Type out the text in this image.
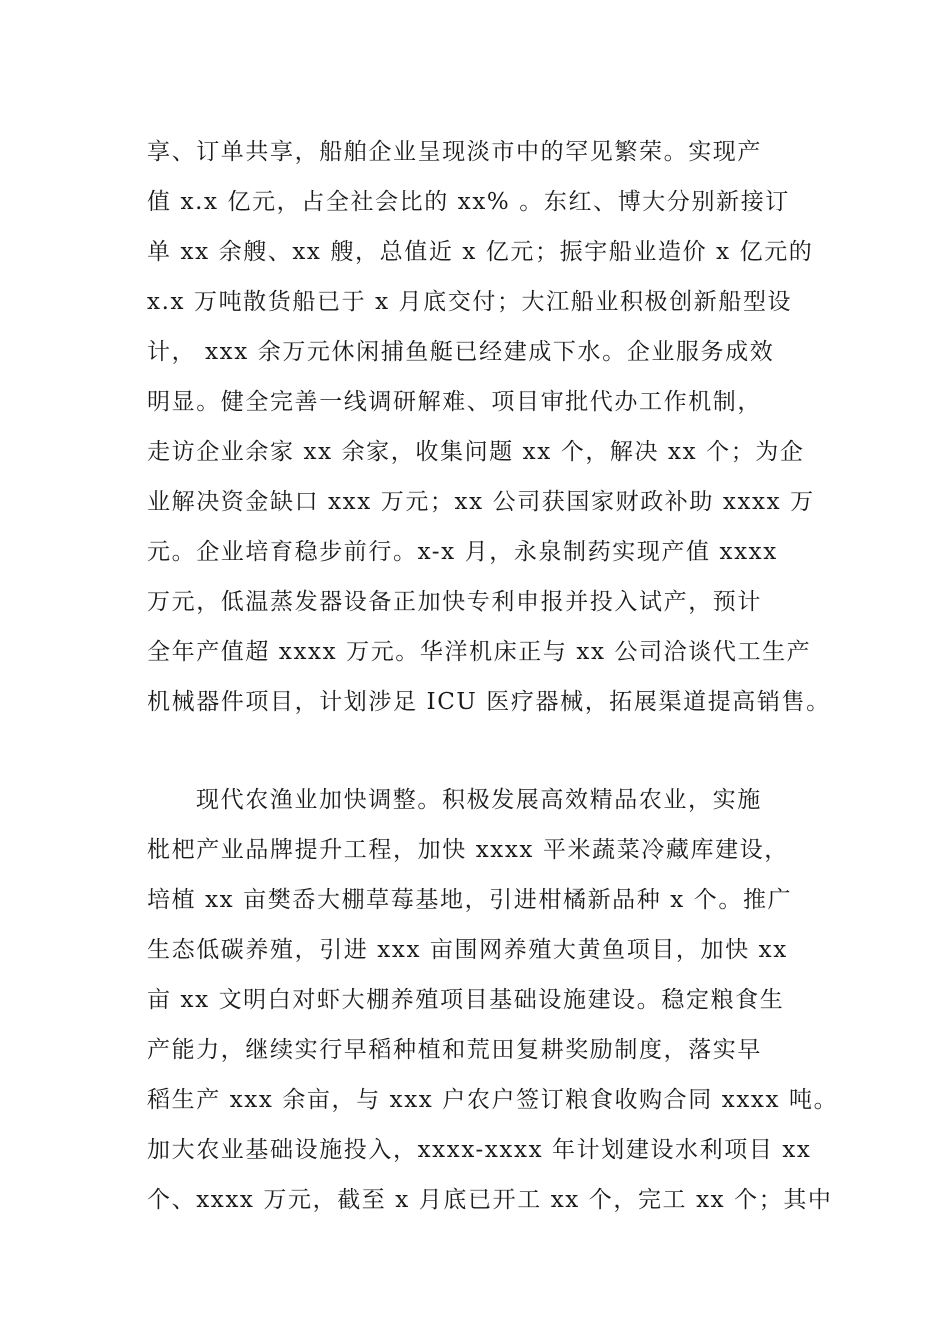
享、订单共享，船舶企业呈现淡市中的罕见繁荣。实现产
值 x.x 亿元，占全社会比的 xx% 。东红、博大分别新接订
单 xx 余艘、xx 艘，总值近 x 亿元；振宇船业造价 x 亿元的
x.x 万吨散货船已于 x 月底交付；大江船业积极创新船型设
计， xxx 余万元休闲捕鱼艇已经建成下水。企业服务成效
明显。健全完善一线调研解难、项目审批代办工作机制，
走访企业余家 xx 余家，收集问题 xx 个，解决 xx 个；为企
业解决资金缺口 xxx 万元；xx 公司获国家财政补助 xxxx 万
元。企业培育稳步前行。x-x 月，永泉制药实现产值 xxxx
万元，低温蒸发器设备正加快专利申报并投入试产，预计
全年产值超 xxxx 万元。华洋机床正与 xx 公司洽谈代工生产
机械器件项目，计划涉足 ICU 医疗器械，拓展渠道提高销售。
现代农渔业加快调整。积极发展高效精品农业，实施
枇杷产业品牌提升工程，加快 xxxx 平米蔬菜冷藏库建设，
培植 xx 亩樊岙大棚草莓基地，引进柑橘新品种 x 个。推广
生态低碳养殖，引进 xxx 亩围网养殖大黄鱼项目，加快 xx
亩 xx 文明白对虾大棚养殖项目基础设施建设。稳定粮食生
产能力，继续实行早稻种植和荒田复耕奖励制度，落实早
稻生产 xxx 余亩，与 xxx 户农户签订粮食收购合同 xxxx 吨。
加大农业基础设施投入，xxxx-xxxx 年计划建设水利项目 xx
个、xxxx 万元，截至 x 月底已开工 xx 个，完工 xx 个；其中
